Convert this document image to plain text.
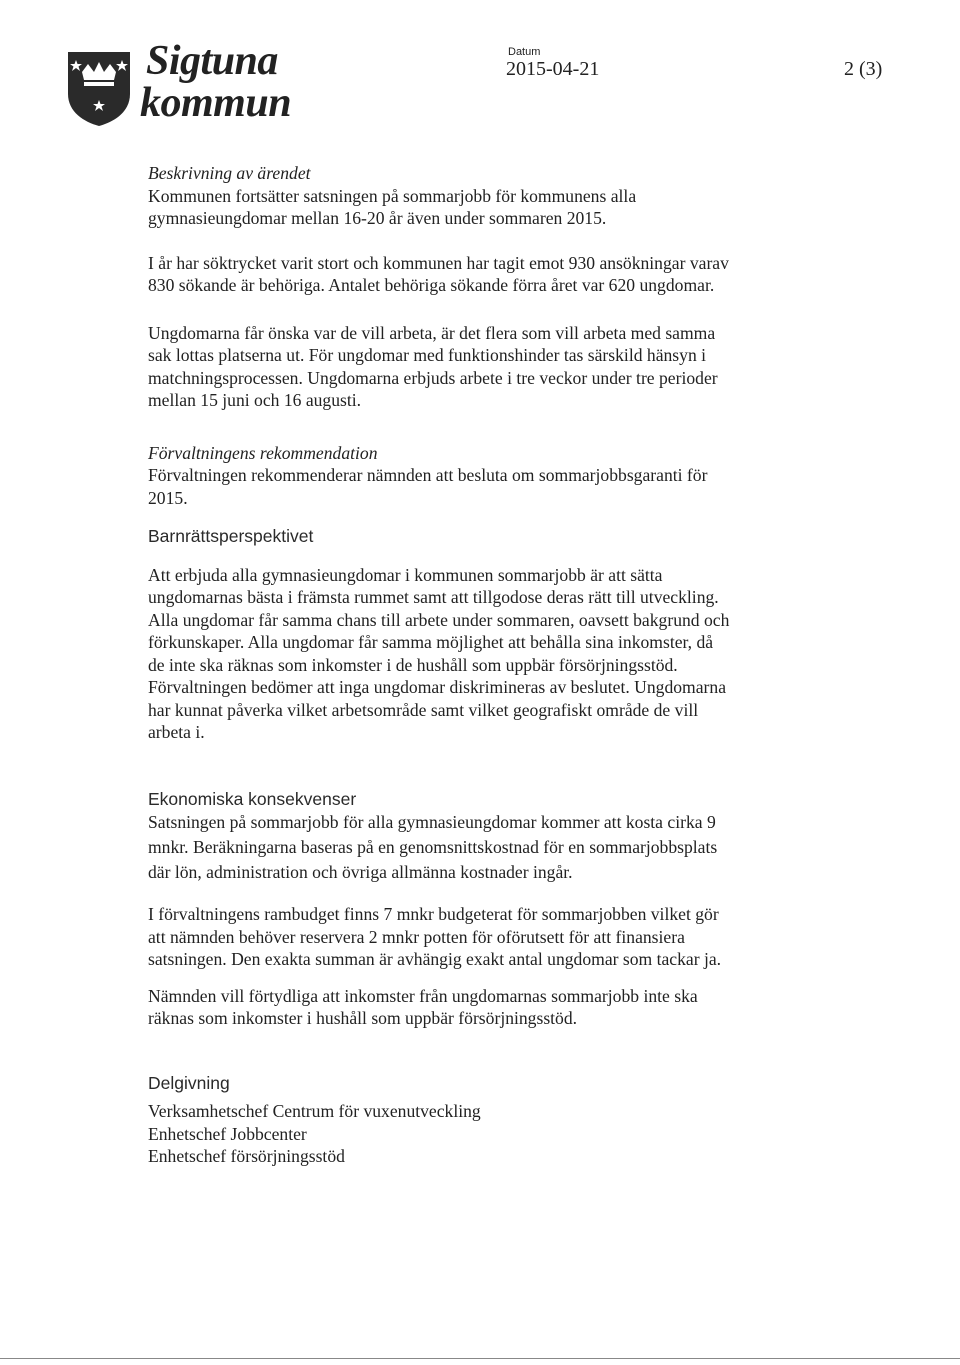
Sigtuna
kommun
Datum
2015-04-21	2 (3)

Beskrivning av ärendet

Kommunen fortsätter satsningen på sommarjobb för kommunens alla
gymnasieungdomar mellan 16-20 år även under sommaren 2015.

I år har söktrycket varit stort och kommunen har tagit emot 930 ansökningar varav
830 sökande är behöriga. Antalet behöriga sökande förra året var 620 ungdomar.

Ungdomarna får önska var de vill arbeta, är det flera som vill arbeta med samma
sak lottas platserna ut. För ungdomar med funktionshinder tas särskild hänsyn i
matchningsprocessen. Ungdomarna erbjuds arbete i tre veckor under tre perioder
mellan 15 juni och 16 augusti.

Förvaltningens rekommendation

Förvaltningen rekommenderar nämnden att besluta om sommarjobbsgaranti för
2015.

Barnrättsperspektivet

Att erbjuda alla gymnasieungdomar i kommunen sommarjobb är att sätta
ungdomarnas bästa i främsta rummet samt att tillgodose deras rätt till utveckling.
Alla ungdomar får samma chans till arbete under sommaren, oavsett bakgrund och
förkunskaper. Alla ungdomar får samma möjlighet att behålla sina inkomster, då
de inte ska räknas som inkomster i de hushåll som uppbär försörjningsstöd.
Förvaltningen bedömer att inga ungdomar diskrimineras av beslutet. Ungdomarna
har kunnat påverka vilket arbetsområde samt vilket geografiskt område de vill
arbeta i.

Ekonomiska konsekvenser

Satsningen på sommarjobb för alla gymnasieungdomar kommer att kosta cirka 9
mnkr. Beräkningarna baseras på en genomsnittskostnad för en sommarjobbsplats
där lön, administration och övriga allmänna kostnader ingår.

I förvaltningens rambudget finns 7 mnkr budgeterat för sommarjobben vilket gör
att nämnden behöver reservera 2 mnkr potten för oförutsett för att finansiera
satsningen. Den exakta summan är avhängig exakt antal ungdomar som tackar ja.

Nämnden vill förtydliga att inkomster från ungdomarnas sommarjobb inte ska
räknas som inkomster i hushåll som uppbär försörjningsstöd.

Delgivning

Verksamhetschef Centrum för vuxenutveckling
Enhetschef Jobbcenter
Enhetschef försörjningsstöd
